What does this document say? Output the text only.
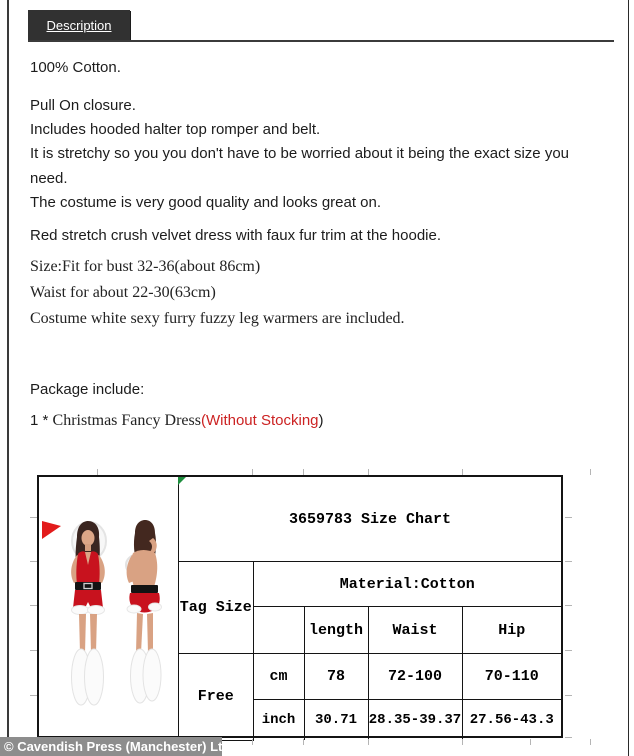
Description
100% Cotton.
Pull On closure.
Includes hooded halter top romper and belt.
It is stretchy so you you don't have to be worried about it being the exact size you
need.
The costume is very good quality and looks great on.
Red stretch crush velvet dress with faux fur trim at the hoodie.
Size:Fit for bust 32-36(about 86cm)
Waist for about 22-30(63cm)
Costume white sexy furry fuzzy leg warmers are included.
Package include:
1 * Christmas Fancy Dress(Without Stocking)
3659783 Size Chart				
Tag Size	Material:Cotton			
		length	Waist	Hip
Free	cm	78	72-100	70-110
	inch	30.71	28.35-39.37	27.56-43.3
© Cavendish Press (Manchester) Ltd
